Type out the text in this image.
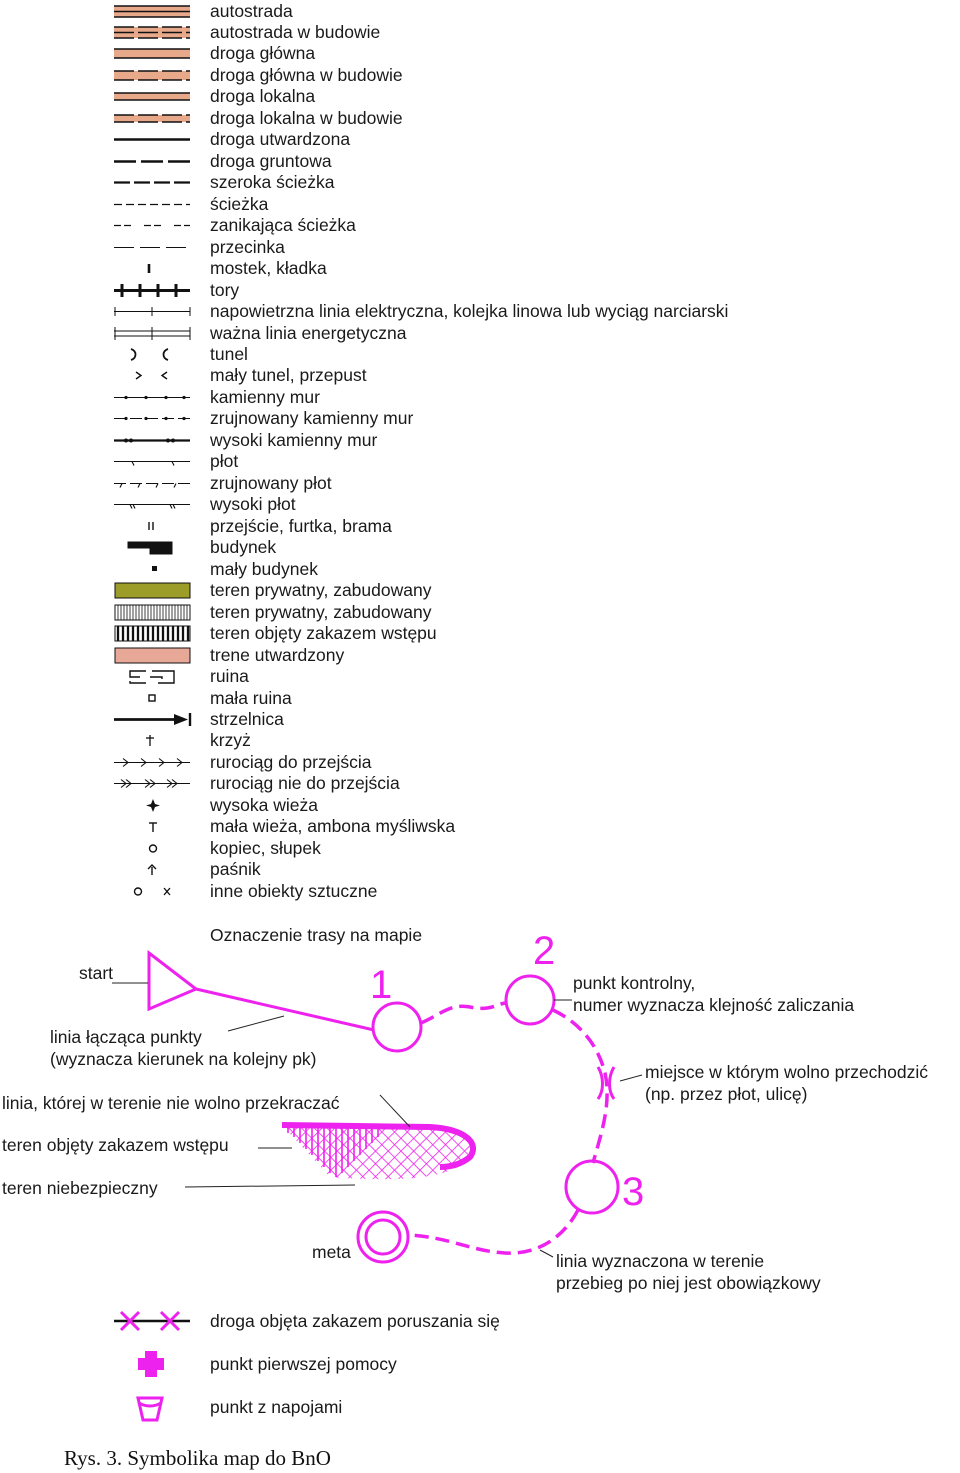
autostrada
autostrada w budowie
droga główna
droga główna w budowie
droga lokalna
droga lokalna w budowie
droga utwardzona
droga gruntowa
szeroka ścieżka
ścieżka
zanikająca ścieżka
przecinka
mostek, kładka
tory
napowietrzna linia elektryczna, kolejka linowa lub wyciąg narciarski
ważna linia energetyczna
tunel
mały tunel, przepust
kamienny mur
zrujnowany kamienny mur
wysoki kamienny mur
płot
zrujnowany płot
wysoki płot
przejście, furtka, brama
budynek
mały budynek
teren prywatny, zabudowany
teren prywatny, zabudowany
teren objęty zakazem wstępu
trene utwardzony
ruina
mała ruina
strzelnica
krzyż
rurociąg do przejścia
rurociąg nie do przejścia
wysoka wieża
mała wieża, ambona myśliwska
kopiec, słupek
paśnik
inne obiekty sztuczne
Oznaczenie trasy na mapie
start
linia łącząca punkty
(wyznacza kierunek na kolejny pk)
linia, której w terenie nie wolno przekraczać
teren objęty zakazem wstępu
teren niebezpieczny
punkt kontrolny,
numer wyznacza klejność zaliczania
miejsce w którym wolno przechodzić
(np. przez płot, ulicę)
meta	linia wyznaczona w terenie
przebieg po niej jest obowiązkowy
1
2
3
droga objęta zakazem poruszania się
punkt pierwszej pomocy
punkt z napojami
Rys. 3. Symbolika map do BnO
